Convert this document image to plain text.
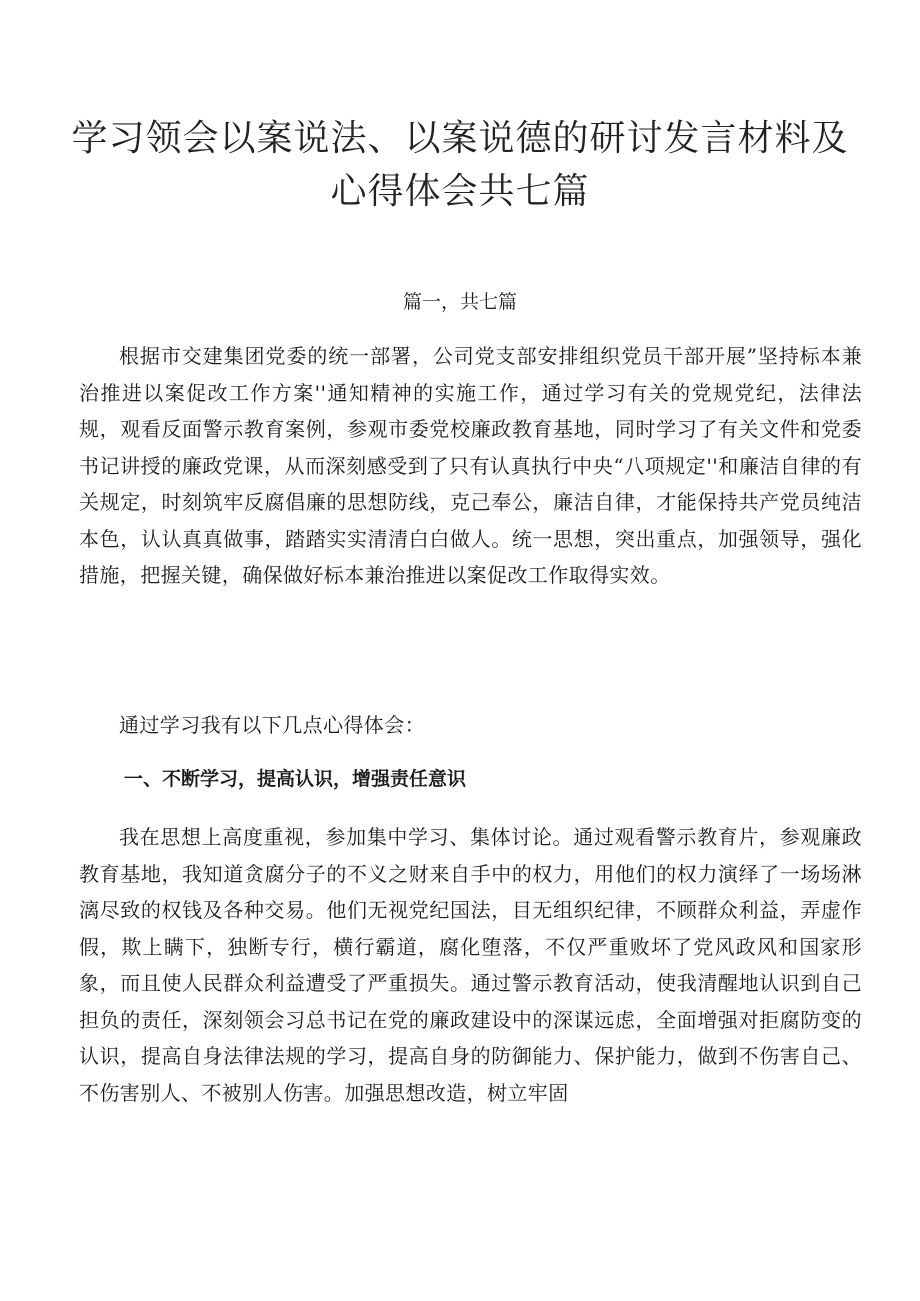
学习领会以案说法、以案说德的研讨发言材料及心得体会共七篇

篇一，共七篇

根据市交建集团党委的统一部署，公司党支部安排组织党员干部开展”坚持标本兼治推进以案促改工作方案''通知精神的实施工作，通过学习有关的党规党纪，法律法规，观看反面警示教育案例，参观市委党校廉政教育基地，同时学习了有关文件和党委书记讲授的廉政党课，从而深刻感受到了只有认真执行中央“八项规定''和廉洁自律的有关规定，时刻筑牢反腐倡廉的思想防线，克己奉公，廉洁自律，才能保持共产党员纯洁本色，认认真真做事，踏踏实实清清白白做人。统一思想，突出重点，加强领导，强化措施，把握关键，确保做好标本兼治推进以案促改工作取得实效。

通过学习我有以下几点心得体会：

一、不断学习，提高认识，增强责任意识

我在思想上高度重视，参加集中学习、集体讨论。通过观看警示教育片，参观廉政教育基地，我知道贪腐分子的不义之财来自手中的权力，用他们的权力演绎了一场场淋漓尽致的权钱及各种交易。他们无视党纪国法，目无组织纪律，不顾群众利益，弄虚作假，欺上瞒下，独断专行，横行霸道，腐化堕落，不仅严重败坏了党风政风和国家形象，而且使人民群众利益遭受了严重损失。通过警示教育活动，使我清醒地认识到自己担负的责任，深刻领会习总书记在党的廉政建设中的深谋远虑，全面增强对拒腐防变的认识，提高自身法律法规的学习，提高自身的防御能力、保护能力，做到不伤害自己、不伤害别人、不被别人伤害。加强思想改造，树立牢固
